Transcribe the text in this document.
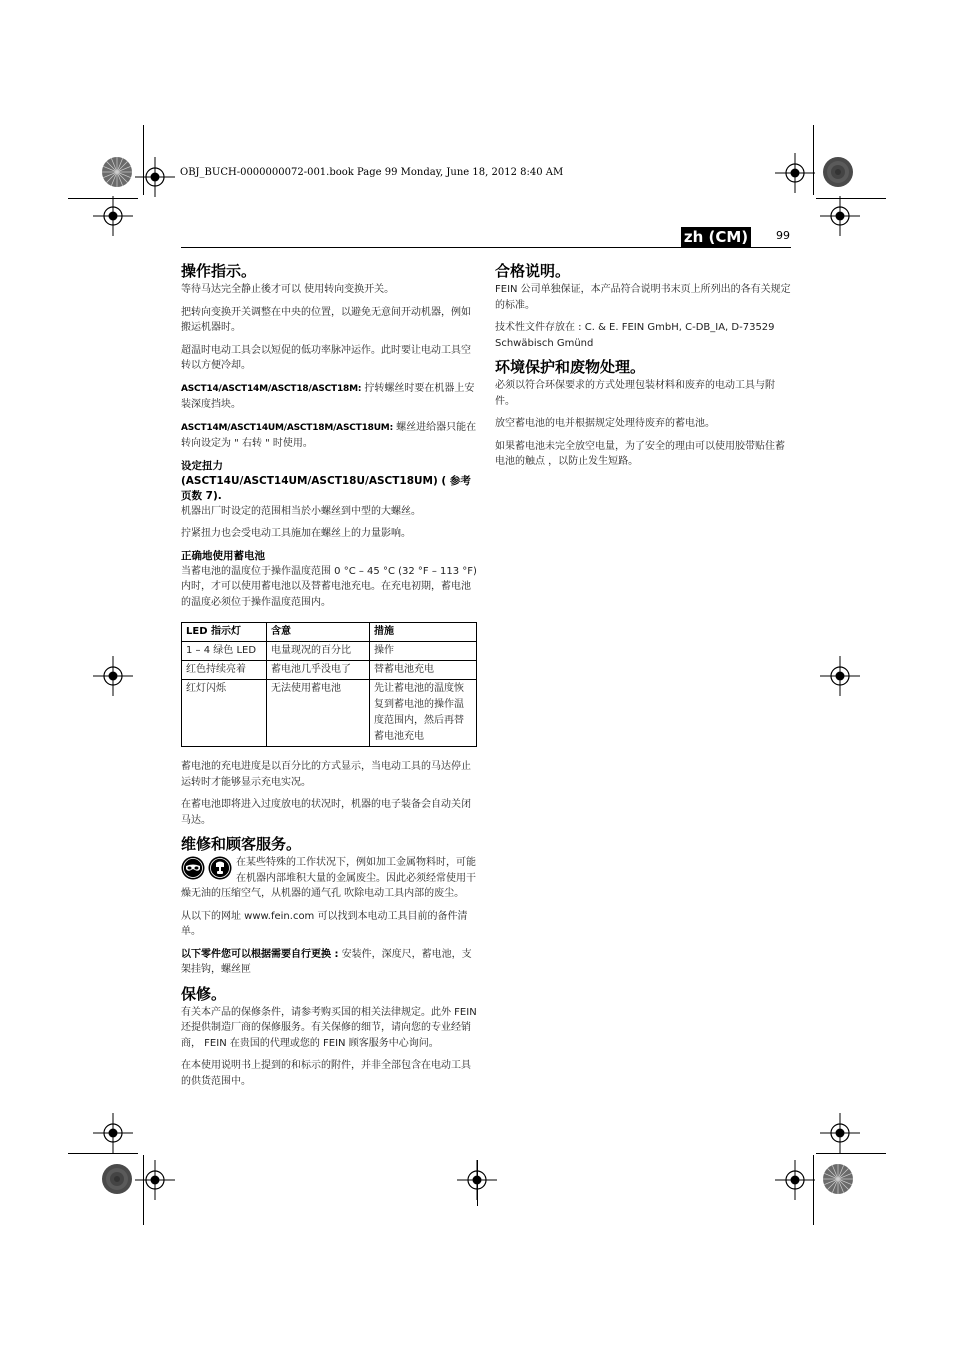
OBJ_BUCH-0000000072-001.book Page 99 Monday, June 18, 2012 8:40 AM
zh (CM)	99
操作指示。

等待马达完全静止後才可以 使用转向变换开关。

把转向变换开关调整在中央的位置，以避免无意间开动机器，例如搬运机器时。

超温时电动工具会以短促的低功率脉冲运作。此时要让电动工具空转以方便冷却。

ASCT14/ASCT14M/ASCT18/ASCT18M: 拧转螺丝时要在机器上安装深度挡块。

ASCT14M/ASCT14UM/ASCT18M/ASCT18UM: 螺丝进给器只能在转向设定为 " 右转 " 时使用。

设定扭力 (ASCT14U/ASCT14UM/ASCT18U/ASCT18UM) ( 参考页数 7).

机器出厂时设定的范围相当於小螺丝到中型的大螺丝。

拧紧扭力也会受电动工具施加在螺丝上的力量影响。

正确地使用蓄电池

当蓄电池的温度位于操作温度范围 0 °C – 45 °C (32 °F – 113 °F) 内时，才可以使用蓄电池以及替蓄电池充电。在充电初期，蓄电池的温度必须位于操作温度范围内。

LED 指示灯	含意	措施
1 – 4 绿色 LED	电量现况的百分比	操作
红色持续亮着	蓄电池几乎没电了	替蓄电池充电
红灯闪烁	无法使用蓄电池	先让蓄电池的温度恢复到蓄电池的操作温度范围内，然后再替蓄电池充电

蓄电池的充电进度是以百分比的方式显示，当电动工具的马达停止运转时才能够显示充电实况。

在蓄电池即将进入过度放电的状况时，机器的电子装备会自动关闭马达。

维修和顾客服务。

在某些特殊的工作状况下，例如加工金属物料时，可能在机器内部堆积大量的金属废尘。因此必须经常使用干燥无油的压缩空气，从机器的通气孔 吹除电动工具内部的废尘。

从以下的网址 www.fein.com 可以找到本电动工具目前的备件清单。

以下零件您可以根据需要自行更换 : 安装件，深度尺，蓄电池，支架挂钩，螺丝匣

保修。

有关本产品的保修条件，请参考购买国的相关法律规定。此外 FEIN 还提供制造厂商的保修服务。有关保修的细节，请向您的专业经销商， FEIN 在贵国的代理或您的 FEIN 顾客服务中心询问。

在本使用说明书上提到的和标示的附件，并非全部包含在电动工具的供货范围中。

合格说明。

FEIN 公司单独保证，本产品符合说明书末页上所列出的各有关规定的标准。

技术性文件存放在 : C. & E. FEIN GmbH, C-DB_IA, D-73529 Schwäbisch Gmünd

环境保护和废物处理。

必须以符合环保要求的方式处理包装材料和废弃的电动工具与附件。

放空蓄电池的电并根据规定处理待废弃的蓄电池。

如果蓄电池未完全放空电量，为了安全的理由可以使用胶带贴住蓄电池的触点 ，以防止发生短路。
